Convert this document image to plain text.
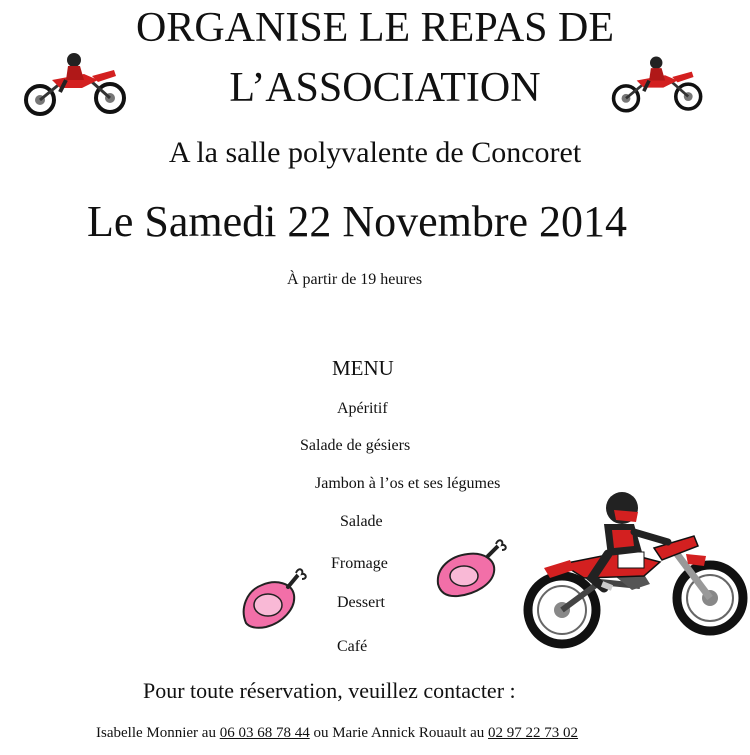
ORGANISE LE REPAS DE
L’ASSOCIATION
A la salle polyvalente de Concoret
Le Samedi 22 Novembre 2014
À partir de 19 heures
MENU
Apéritif
Salade de gésiers
Jambon à l’os et ses légumes
Salade
Fromage
Dessert
Café
Pour toute réservation, veuillez contacter :
Isabelle Monnier au 06 03 68 78 44 ou Marie Annick Rouault au 02 97 22 73 02
